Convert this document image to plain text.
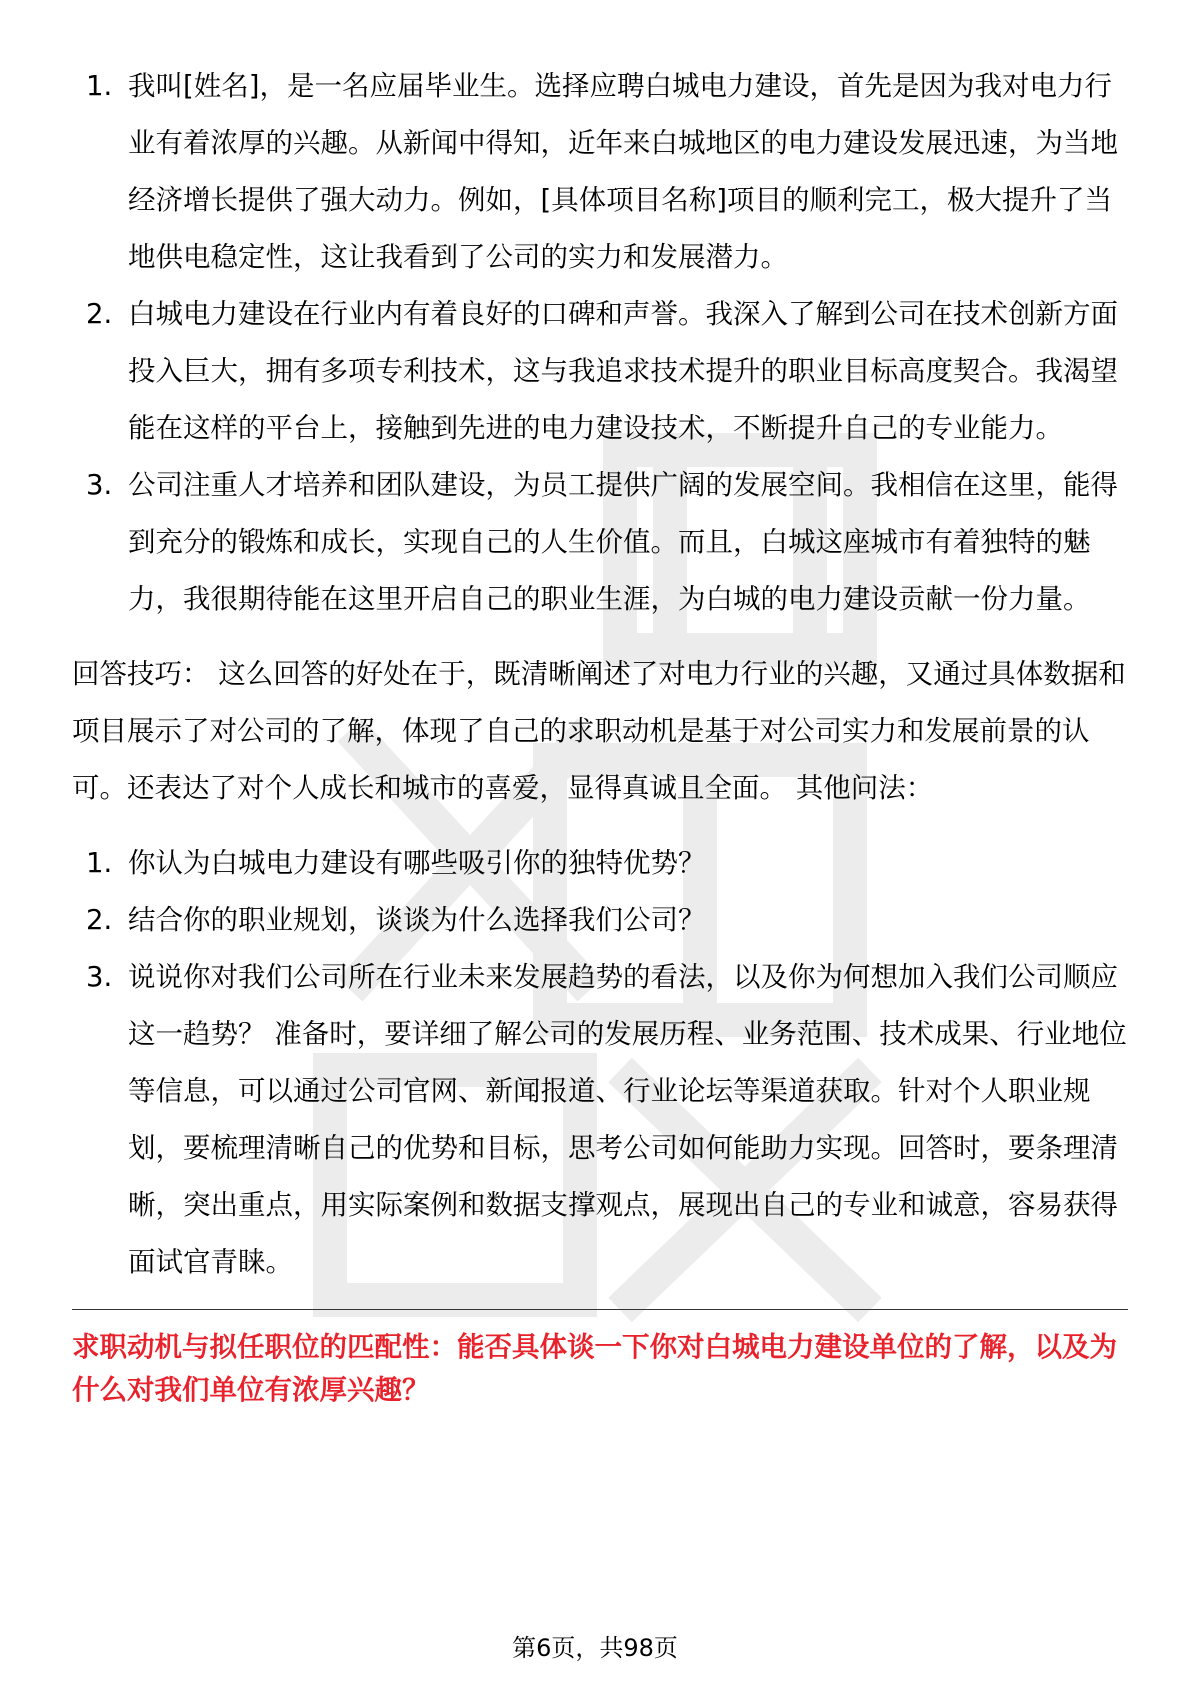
1. 我叫[姓名]，是一名应届毕业生。选择应聘白城电力建设，首先是因为我对电力行业有着浓厚的兴趣。从新闻中得知，近年来白城地区的电力建设发展迅速，为当地经济增长提供了强大动力。例如，[具体项目名称]项目的顺利完工，极大提升了当地供电稳定性，这让我看到了公司的实力和发展潜力。
2. 白城电力建设在行业内有着良好的口碑和声誉。我深入了解到公司在技术创新方面投入巨大，拥有多项专利技术，这与我追求技术提升的职业目标高度契合。我渴望能在这样的平台上，接触到先进的电力建设技术，不断提升自己的专业能力。
3. 公司注重人才培养和团队建设，为员工提供广阔的发展空间。我相信在这里，能得到充分的锻炼和成长，实现自己的人生价值。而且，白城这座城市有着独特的魅力，我很期待能在这里开启自己的职业生涯，为白城的电力建设贡献一份力量。

回答技巧： 这么回答的好处在于，既清晰阐述了对电力行业的兴趣，又通过具体数据和项目展示了对公司的了解，体现了自己的求职动机是基于对公司实力和发展前景的认可。还表达了对个人成长和城市的喜爱，显得真诚且全面。 其他问法：

1. 你认为白城电力建设有哪些吸引你的独特优势？
2. 结合你的职业规划，谈谈为什么选择我们公司？
3. 说说你对我们公司所在行业未来发展趋势的看法，以及你为何想加入我们公司顺应这一趋势？ 准备时，要详细了解公司的发展历程、业务范围、技术成果、行业地位等信息，可以通过公司官网、新闻报道、行业论坛等渠道获取。针对个人职业规划，要梳理清晰自己的优势和目标，思考公司如何能助力实现。回答时，要条理清晰，突出重点，用实际案例和数据支撑观点，展现出自己的专业和诚意，容易获得面试官青睐。
求职动机与拟任职位的匹配性：能否具体谈一下你对白城电力建设单位的了解，以及为什么对我们单位有浓厚兴趣？
第6页，共98页
